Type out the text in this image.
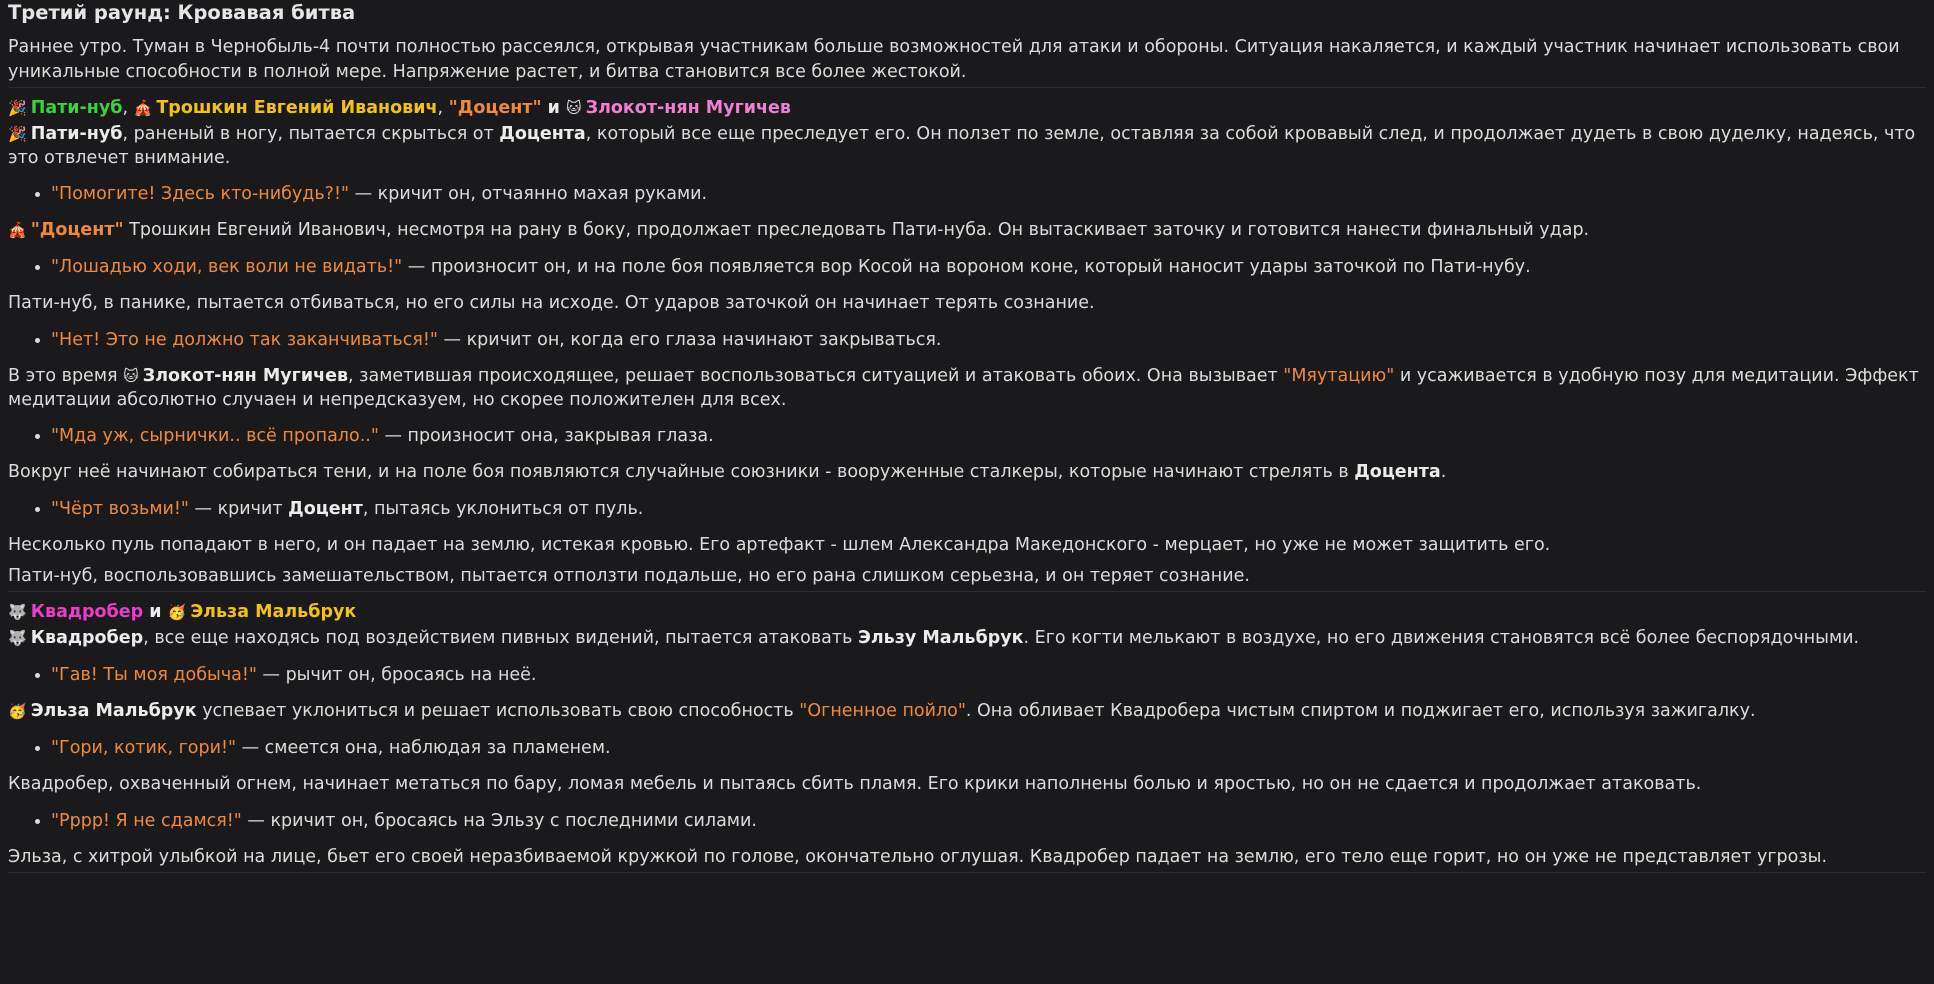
Третий раунд: Кровавая битва

Раннее утро. Туман в Чернобыль-4 почти полностью рассеялся, открывая участникам больше возможностей для атаки и обороны. Ситуация накаляется, и каждый участник начинает использовать свои уникальные способности в полной мере. Напряжение растет, и битва становится все более жестокой.

🎉 Пати-нуб, 🎪 Трошкин Евгений Иванович, "Доцент" и 🐱 Злокот-нян Мугичев

🎉 Пати-нуб, раненый в ногу, пытается скрыться от Доцента, который все еще преследует его. Он ползет по земле, оставляя за собой кровавый след, и продолжает дудеть в свою дуделку, надеясь, что это отвлечет внимание.

"Помогите! Здесь кто-нибудь?!" — кричит он, отчаянно махая руками.

🎪 "Доцент" Трошкин Евгений Иванович, несмотря на рану в боку, продолжает преследовать Пати-нуба. Он вытаскивает заточку и готовится нанести финальный удар.

"Лошадью ходи, век воли не видать!" — произносит он, и на поле боя появляется вор Косой на вороном коне, который наносит удары заточкой по Пати-нубу.

Пати-нуб, в панике, пытается отбиваться, но его силы на исходе. От ударов заточкой он начинает терять сознание.

"Нет! Это не должно так заканчиваться!" — кричит он, когда его глаза начинают закрываться.

В это время 🐱 Злокот-нян Мугичев, заметившая происходящее, решает воспользоваться ситуацией и атаковать обоих. Она вызывает "Мяутацию" и усаживается в удобную позу для медитации. Эффект медитации абсолютно случаен и непредсказуем, но скорее положителен для всех.

"Мда уж, сырнички.. всё пропало.." — произносит она, закрывая глаза.

Вокруг неё начинают собираться тени, и на поле боя появляются случайные союзники - вооруженные сталкеры, которые начинают стрелять в Доцента.

"Чёрт возьми!" — кричит Доцент, пытаясь уклониться от пуль.

Несколько пуль попадают в него, и он падает на землю, истекая кровью. Его артефакт - шлем Александра Македонского - мерцает, но уже не может защитить его.

Пати-нуб, воспользовавшись замешательством, пытается отползти подальше, но его рана слишком серьезна, и он теряет сознание.

🐺 Квадробер и 🥳 Эльза Мальбрук

🐺 Квадробер, все еще находясь под воздействием пивных видений, пытается атаковать Эльзу Мальбрук. Его когти мелькают в воздухе, но его движения становятся всё более беспорядочными.

"Гав! Ты моя добыча!" — рычит он, бросаясь на неё.

🥳 Эльза Мальбрук успевает уклониться и решает использовать свою способность "Огненное пойло". Она обливает Квадробера чистым спиртом и поджигает его, используя зажигалку.

"Гори, котик, гори!" — смеется она, наблюдая за пламенем.

Квадробер, охваченный огнем, начинает метаться по бару, ломая мебель и пытаясь сбить пламя. Его крики наполнены болью и яростью, но он не сдается и продолжает атаковать.

"Рррр! Я не сдамся!" — кричит он, бросаясь на Эльзу с последними силами.

Эльза, с хитрой улыбкой на лице, бьет его своей неразбиваемой кружкой по голове, окончательно оглушая. Квадробер падает на землю, его тело еще горит, но он уже не представляет угрозы.
